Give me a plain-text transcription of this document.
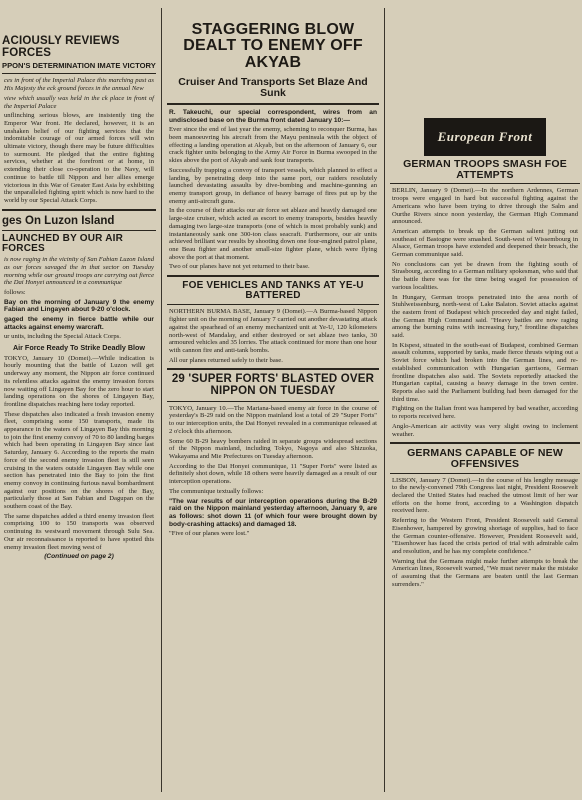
ACIOUSLY REVIEWS FORCES
PPON'S DETERMINATION IMATE VICTORY

ces in front of the Imperial Palace this marching past as His Majesty the eck ground forces in the annual New

view which usually was held in the ck place in front of the Imperial Palace

unflinching serious blows, are insistently ting the Emperor War front. He declared, however, it is an unshaken belief of our fighting services that the indomitable courage of our armed forces will win ultimate victory, though there may be future difficulties to surmount. He pledged that the entire fighting services, whether at the forefront or at home, in extending their close co-operation to the Navy, will continue to battle till Nippon and her allies emerge victorious in this War of Greater East Asia by exhibiting the unparalleled fighting spirit which is now hard to the world by our Special Attack Corps.

ges On Luzon Island
LAUNCHED BY OUR AIR FORCES

is now raging in the vicinity of San Fabian Luzon Island as our forces savaged the in that sector on Tuesday morning while our ground troops are carrying out fierce the Dai Honyei announced in a communique

follows:

Bay on the morning of January 9 the enemy Fabian and Lingayen about 9-20 o'clock.

gaged the enemy in fierce battle while our attacks against enemy warcraft.

ur units, including the Special Attack Corps.

Air Force Ready To Strike Deadly Blow

TOKYO, January 10 (Domei).—While indication is hourly mounting that the battle of Luzon will get underway any moment, the Nippon air force continued its relentless attacks against the enemy invasion forces now waiting off Lingayen Bay for the zero hour to start landing operations on the shores of Lingayen Bay, frontline dispatches reaching here today reported.

These dispatches also indicated a fresh invasion enemy fleet, comprising some 150 transports, made its appearance in the waters of Lingayen Bay this morning to join the first enemy convoy of 70 to 80 landing barges which had been operating in Lingayen Bay since last Saturday, January 6. According to the reports the main force of the second enemy invasion fleet is still seen cruising in the waters outside Lingayen Bay while one section has penetrated into the Bay to join the first enemy convoy in continuing furious naval bombardment against our positions on the shores of the Bay, particularly those at San Fabian and Dagupan on the southern coast of the Bay.

The same dispatches added a third enemy invasion fleet comprising 100 to 150 transports was observed continuing its westward movement through Sulu Sea. Our air reconnaissance is reported to have spotted this enemy invasion fleet moving west of

(Continued on page 2)

STAGGERING BLOW DEALT TO ENEMY OFF AKYAB
Cruiser And Transports Set Blaze And Sunk

R. Takeuchi, our special correspondent, wires from an undisclosed base on the Burma front dated January 10:—

Ever since the end of last year the enemy, scheming to reconquer Burma, has been manoeuvring his aircraft from the Mayu peninsula with the object of effecting a landing operation at Akyab, but on the afternoon of January 6, our crack fighter units belonging to the Army Air Force in Burma swooped in the skies above the port of Akyab and sank four transports.

Successfully trapping a convoy of transport vessels, which planned to effect a landing, by penetrating deep into the same port, our raiders resolutely launched devastating assaults by dive-bombing and machine-gunning an enemy transport group, in defiance of heavy barrage of fires put up by the enemy anti-aircraft guns.

In the course of their attacks our air force set ablaze and heavily damaged one large-size cruiser, which acted as escort to enemy transports, besides heavily damaging two large-size transports (one of which is most probably sunk) and instantaneously sank one 300-ton class seacraft. Furthermore, our air units achieved brilliant war results by shooting down one four-engined patrol plane, one Beau fighter and another small-size fighter plane, which were flying above the port at that moment.

Two of our planes have not yet returned to their base.

FOE VEHICLES AND TANKS AT YE-U BATTERED

NORTHERN BURMA BASE, January 9 (Domei).—A Burma-based Nippon fighter unit on the morning of January 7 carried out another devastating attack against the spearhead of an enemy mechanized unit at Ye-U, 120 kilometers north-west of Mandalay, and either destroyed or set ablaze two tanks, 30 armoured vehicles and 35 lorries. The attack continued for more than one hour with cannon fire and anti-tank bombs.

All our planes returned safely to their base.

29 'SUPER FORTS' BLASTED OVER NIPPON ON TUESDAY

TOKYO, January 10.—The Mariana-based enemy air force in the course of yesterday's B-29 raid on the Nippon mainland lost a total of 29 "Super Forts" to our interception units, the Dai Honyei revealed in a communique released at 2 o'clock this afternoon.

Some 60 B-29 heavy bombers raided in separate groups widespread sections of the Nippon mainland, including Tokyo, Nagoya and also Shizuoka, Wakayama and Mie Prefectures on Tuesday afternoon.

According to the Dai Honyei communique, 11 "Super Forts" were listed as definitely shot down, while 18 others were heavily damaged as a result of our interception operations.

The communique textually follows:

"The war results of our interception operations during the B-29 raid on the Nippon mainland yesterday afternoon, January 9, are as follows: shot down 11 (of which four were brought down by body-crashing attacks) and damaged 18.

"Five of our planes were lost."

European Front
GERMAN TROOPS SMASH FOE ATTEMPTS

BERLIN, January 9 (Domei).—In the northern Ardennes, German troops were engaged in hard but successful fighting against the Americans who have been trying to drive through the Salm and Ourthe Rivers since noon yesterday, the German High Command announced.

American attempts to break up the German salient jutting out southeast of Bastogne were smashed. South-west of Wissembourg in Alsace, German troops have extended and deepened their breach, the German communique said.

No conclusions can yet be drawn from the fighting south of Strasbourg, according to a German military spokesman, who said that the battle there was for the time being waged for possession of various localities.

In Hungary, German troops penetrated into the area north of Stuhlweissenburg, north-west of Lake Balaton. Soviet attacks against the eastern front of Budapest which proceeded day and night failed, the German High Command said. "Heavy battles are now raging among the burning ruins with increasing fury," frontline dispatches said.

In Kispest, situated in the south-east of Budapest, combined German assault columns, supported by tanks, made fierce thrusts wiping out a Soviet force which had broken into the German lines, and re-established communication with Hungarian garrisons, German frontline dispatches also said. The Soviets reportedly attacked the Hungarian capital, causing a heavy damage in the town centre. Reports also said the Parliament building had been damaged for the third time.

Fighting on the Italian front was hampered by bad weather, according to reports received here.

Anglo-American air activity was very slight owing to inclement weather.

GERMANS CAPABLE OF NEW OFFENSIVES

LISBON, January 7 (Domei).—In the course of his lengthy message to the newly-convened 79th Congress last night, President Roosevelt declared the United States had reached the utmost limit of her war efforts on the home front, according to a Washington dispatch received here.

Referring to the Western Front, President Roosevelt said General Eisenhower, hampered by growing shortage of supplies, had to face the German counter-offensive. However, President Roosevelt said, "Eisenhower has faced the crisis period of trial with admirable calm and resolution, and he has my complete confidence."

Warning that the Germans might make further attempts to break the American lines, Roosevelt warned, "We must never make the mistake of assuming that the Germans are beaten until the last German surrenders."
